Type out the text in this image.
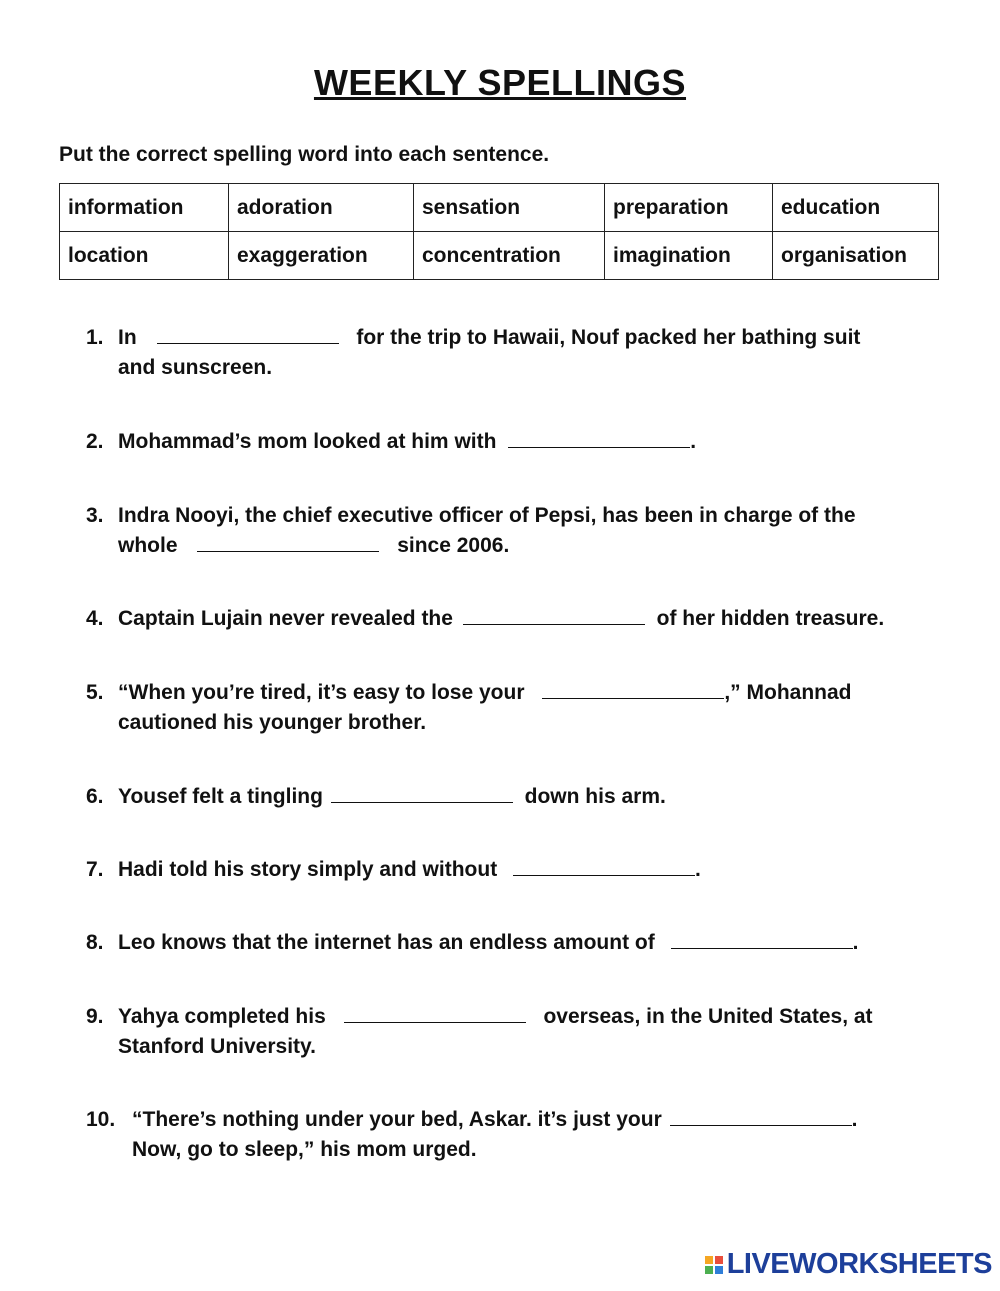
WEEKLY SPELLINGS
Put the correct spelling word into each sentence.
information	adoration	sensation	preparation	education
location	exaggeration	concentration	imagination	organisation
1. In	for the trip to Hawaii, Nouf packed her bathing suit
and sunscreen.
2. Mohammad’s mom looked at him with	.
3. Indra Nooyi, the chief executive officer of Pepsi, has been in charge of the
whole	since 2006.
4. Captain Lujain never revealed the	of her hidden treasure.
5. “When you’re tired, it’s easy to lose your	,” Mohannad
cautioned his younger brother.
6. Yousef felt a tingling	down his arm.
7. Hadi told his story simply and without	.
8. Leo knows that the internet has an endless amount of	.
9. Yahya completed his	overseas, in the United States, at
Stanford University.
10. “There’s nothing under your bed, Askar. it’s just your	.
Now, go to sleep,” his mom urged.
LIVEWORKSHEETS
